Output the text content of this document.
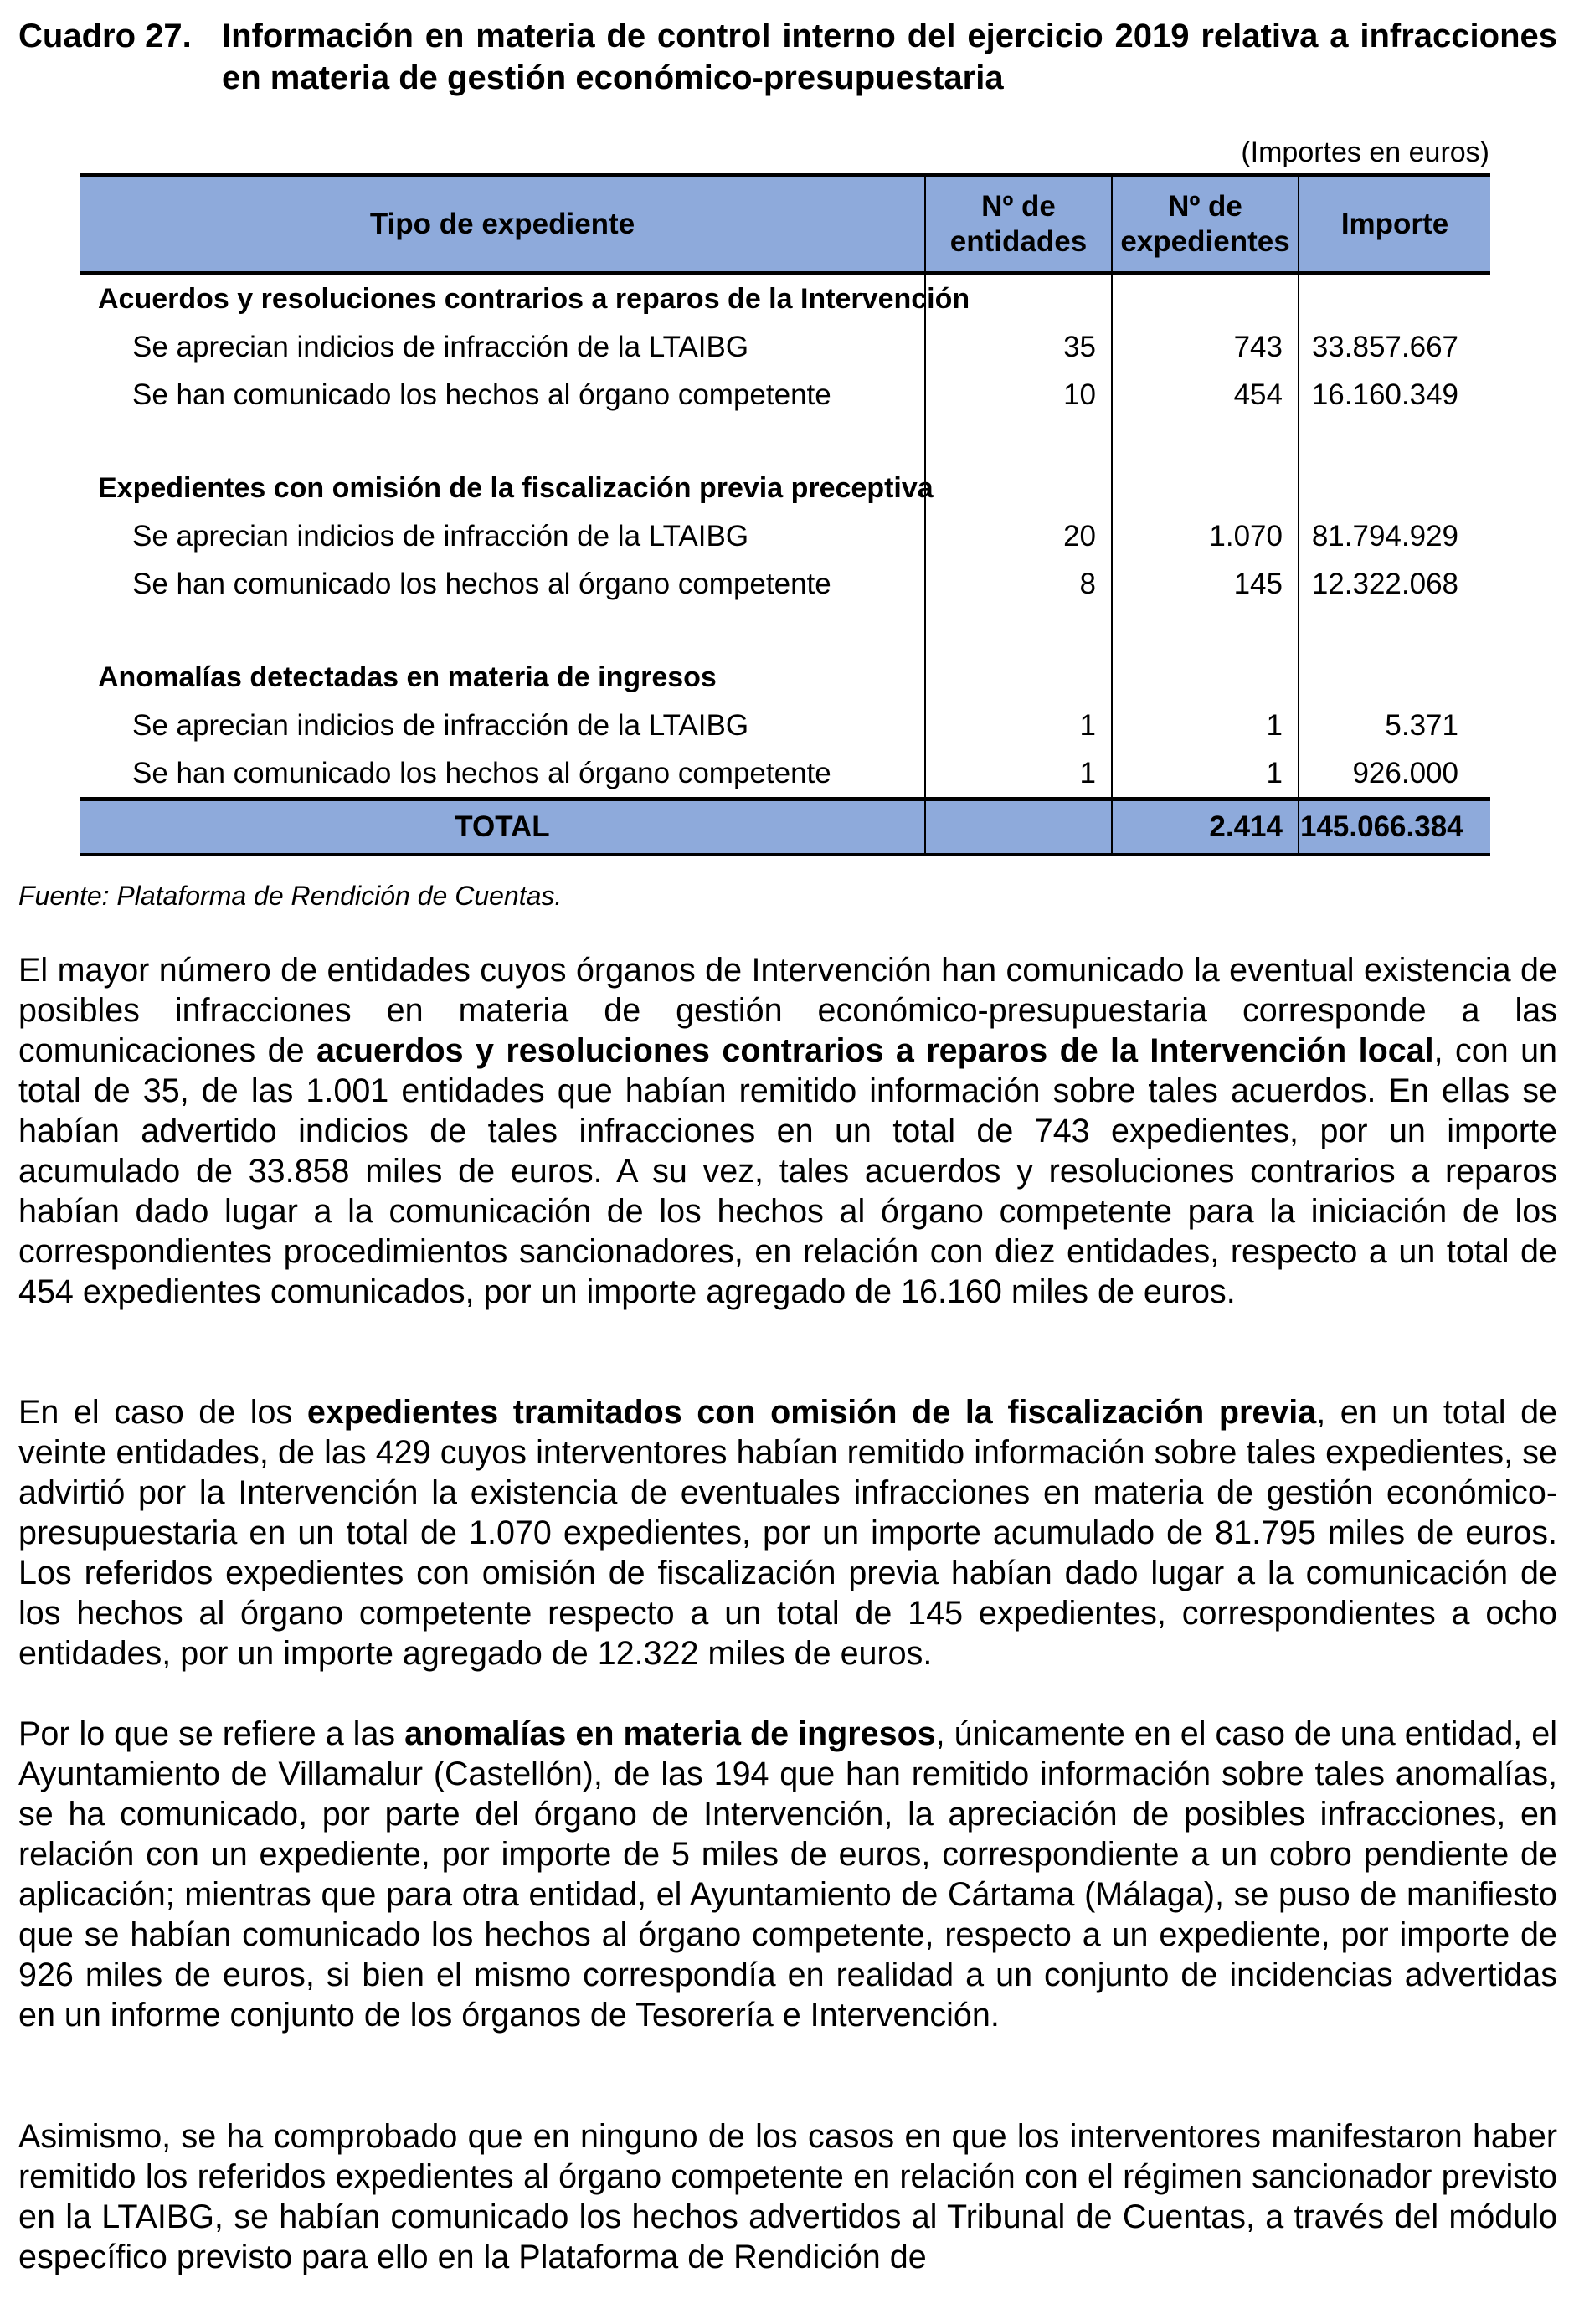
Cuadro 27. Información en materia de control interno del ejercicio 2019 relativa a infracciones en materia de gestión económico-presupuestaria
(Importes en euros)
Tipo de expediente	Nº de entidades	Nº de expedientes	Importe
Acuerdos y resoluciones contrarios a reparos de la Intervención			
Se aprecian indicios de infracción de la LTAIBG	35	743	33.857.667
Se han comunicado los hechos al órgano competente	10	454	16.160.349

Expedientes con omisión de la fiscalización previa preceptiva			
Se aprecian indicios de infracción de la LTAIBG	20	1.070	81.794.929
Se han comunicado los hechos al órgano competente	8	145	12.322.068

Anomalías detectadas en materia de ingresos			
Se aprecian indicios de infracción de la LTAIBG	1	1	5.371
Se han comunicado los hechos al órgano competente	1	1	926.000
TOTAL		2.414	145.066.384
Fuente: Plataforma de Rendición de Cuentas.

El mayor número de entidades cuyos órganos de Intervención han comunicado la eventual existencia de posibles infracciones en materia de gestión económico-presupuestaria corresponde a las comunicaciones de acuerdos y resoluciones contrarios a reparos de la Intervención local, con un total de 35, de las 1.001 entidades que habían remitido información sobre tales acuerdos. En ellas se habían advertido indicios de tales infracciones en un total de 743 expedientes, por un importe acumulado de 33.858 miles de euros. A su vez, tales acuerdos y resoluciones contrarios a reparos habían dado lugar a la comunicación de los hechos al órgano competente para la iniciación de los correspondientes procedimientos sancionadores, en relación con diez entidades, respecto a un total de 454 expedientes comunicados, por un importe agregado de 16.160 miles de euros.

En el caso de los expedientes tramitados con omisión de la fiscalización previa, en un total de veinte entidades, de las 429 cuyos interventores habían remitido información sobre tales expedientes, se advirtió por la Intervención la existencia de eventuales infracciones en materia de gestión económico-presupuestaria en un total de 1.070 expedientes, por un importe acumulado de 81.795 miles de euros. Los referidos expedientes con omisión de fiscalización previa habían dado lugar a la comunicación de los hechos al órgano competente respecto a un total de 145 expedientes, correspondientes a ocho entidades, por un importe agregado de 12.322 miles de euros.

Por lo que se refiere a las anomalías en materia de ingresos, únicamente en el caso de una entidad, el Ayuntamiento de Villamalur (Castellón), de las 194 que han remitido información sobre tales anomalías, se ha comunicado, por parte del órgano de Intervención, la apreciación de posibles infracciones, en relación con un expediente, por importe de 5 miles de euros, correspondiente a un cobro pendiente de aplicación; mientras que para otra entidad, el Ayuntamiento de Cártama (Málaga), se puso de manifiesto que se habían comunicado los hechos al órgano competente, respecto a un expediente, por importe de 926 miles de euros, si bien el mismo correspondía en realidad a un conjunto de incidencias advertidas en un informe conjunto de los órganos de Tesorería e Intervención.

Asimismo, se ha comprobado que en ninguno de los casos en que los interventores manifestaron haber remitido los referidos expedientes al órgano competente en relación con el régimen sancionador previsto en la LTAIBG, se habían comunicado los hechos advertidos al Tribunal de Cuentas, a través del módulo específico previsto para ello en la Plataforma de Rendición de
